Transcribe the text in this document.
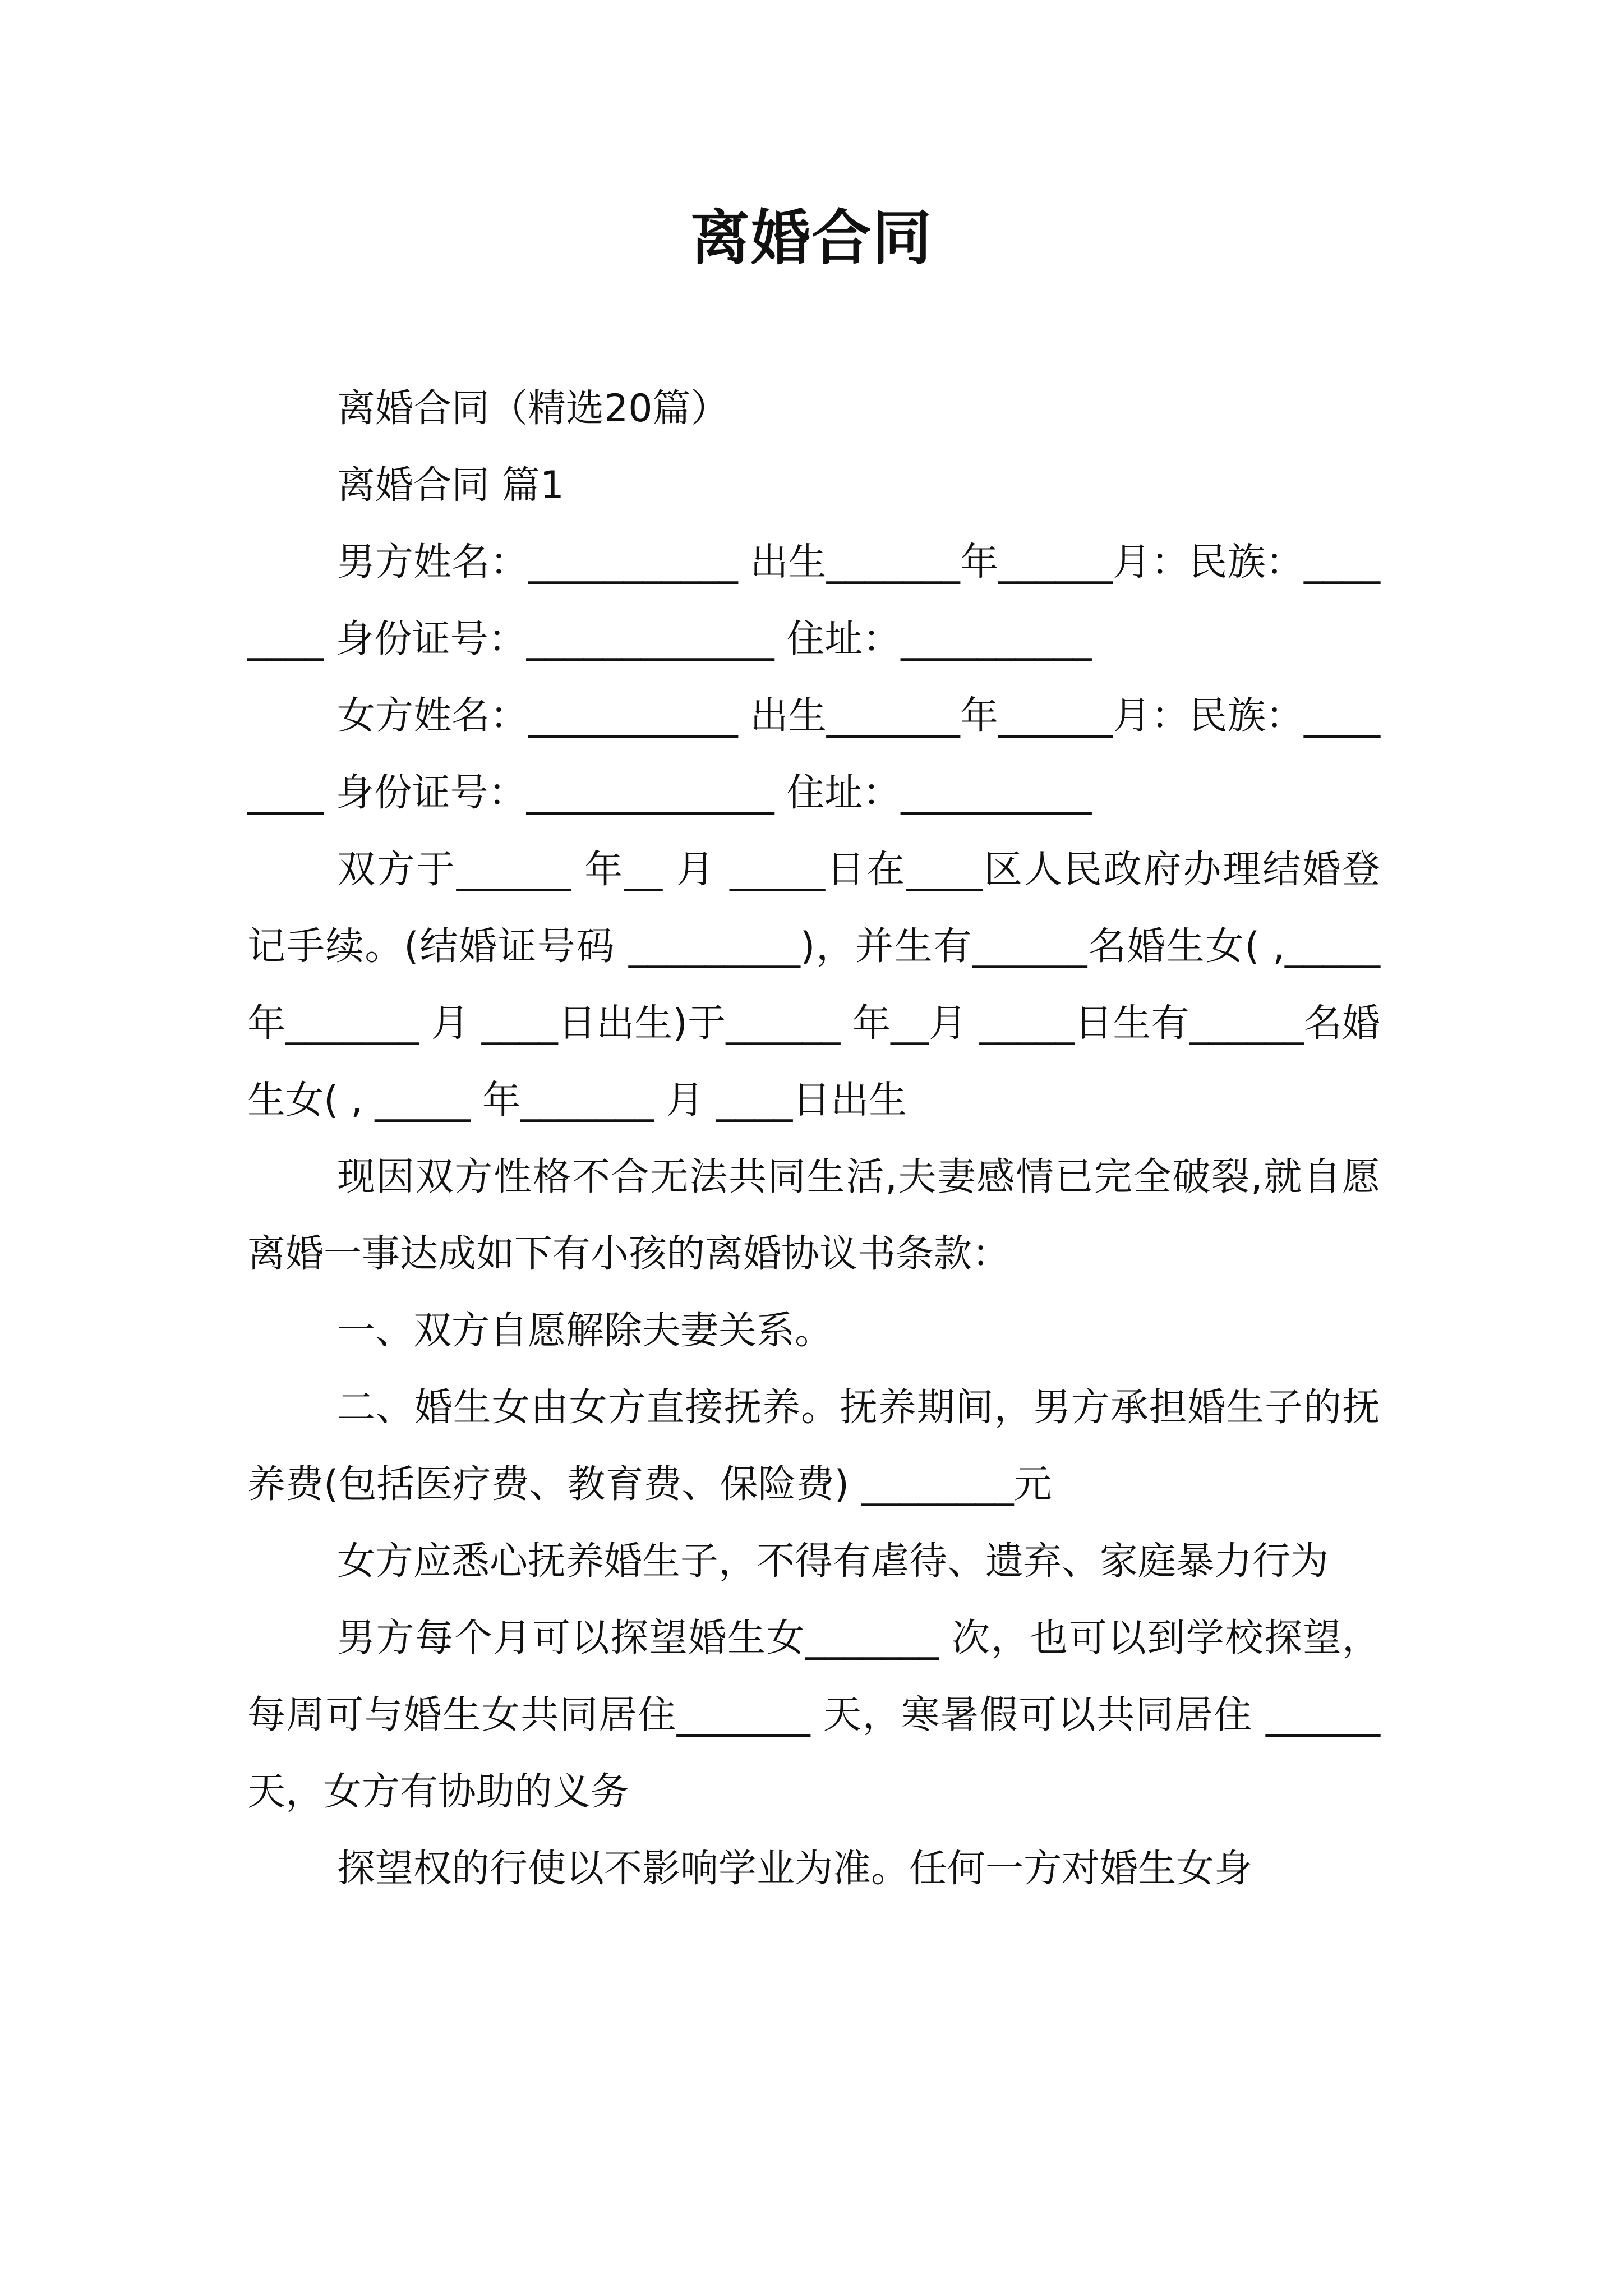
离婚合同

离婚合同（精选20篇）

离婚合同 篇1

男方姓名：___________ 出生_______年______月：民族：________ 身份证号：_____________ 住址：__________

女方姓名：___________ 出生_______年______月：民族：________ 身份证号：_____________ 住址：__________

双方于______ 年__ 月 _____日在____区人民政府办理结婚登记手续。(结婚证号码 _________)，并生有______名婚生女( ,_____ 年_______ 月 ____日出生)于______ 年__月 _____日生有______名婚生女( , _____ 年_______ 月 ____日出生

现因双方性格不合无法共同生活,夫妻感情已完全破裂,就自愿离婚一事达成如下有小孩的离婚协议书条款：

一、双方自愿解除夫妻关系。

二、婚生女由女方直接抚养。抚养期间，男方承担婚生子的抚养费(包括医疗费、教育费、保险费) ________元

女方应悉心抚养婚生子，不得有虐待、遗弃、家庭暴力行为

男方每个月可以探望婚生女_______ 次，也可以到学校探望，每周可与婚生女共同居住_______ 天，寒暑假可以共同居住 ______天，女方有协助的义务

探望权的行使以不影响学业为准。任何一方对婚生女身
